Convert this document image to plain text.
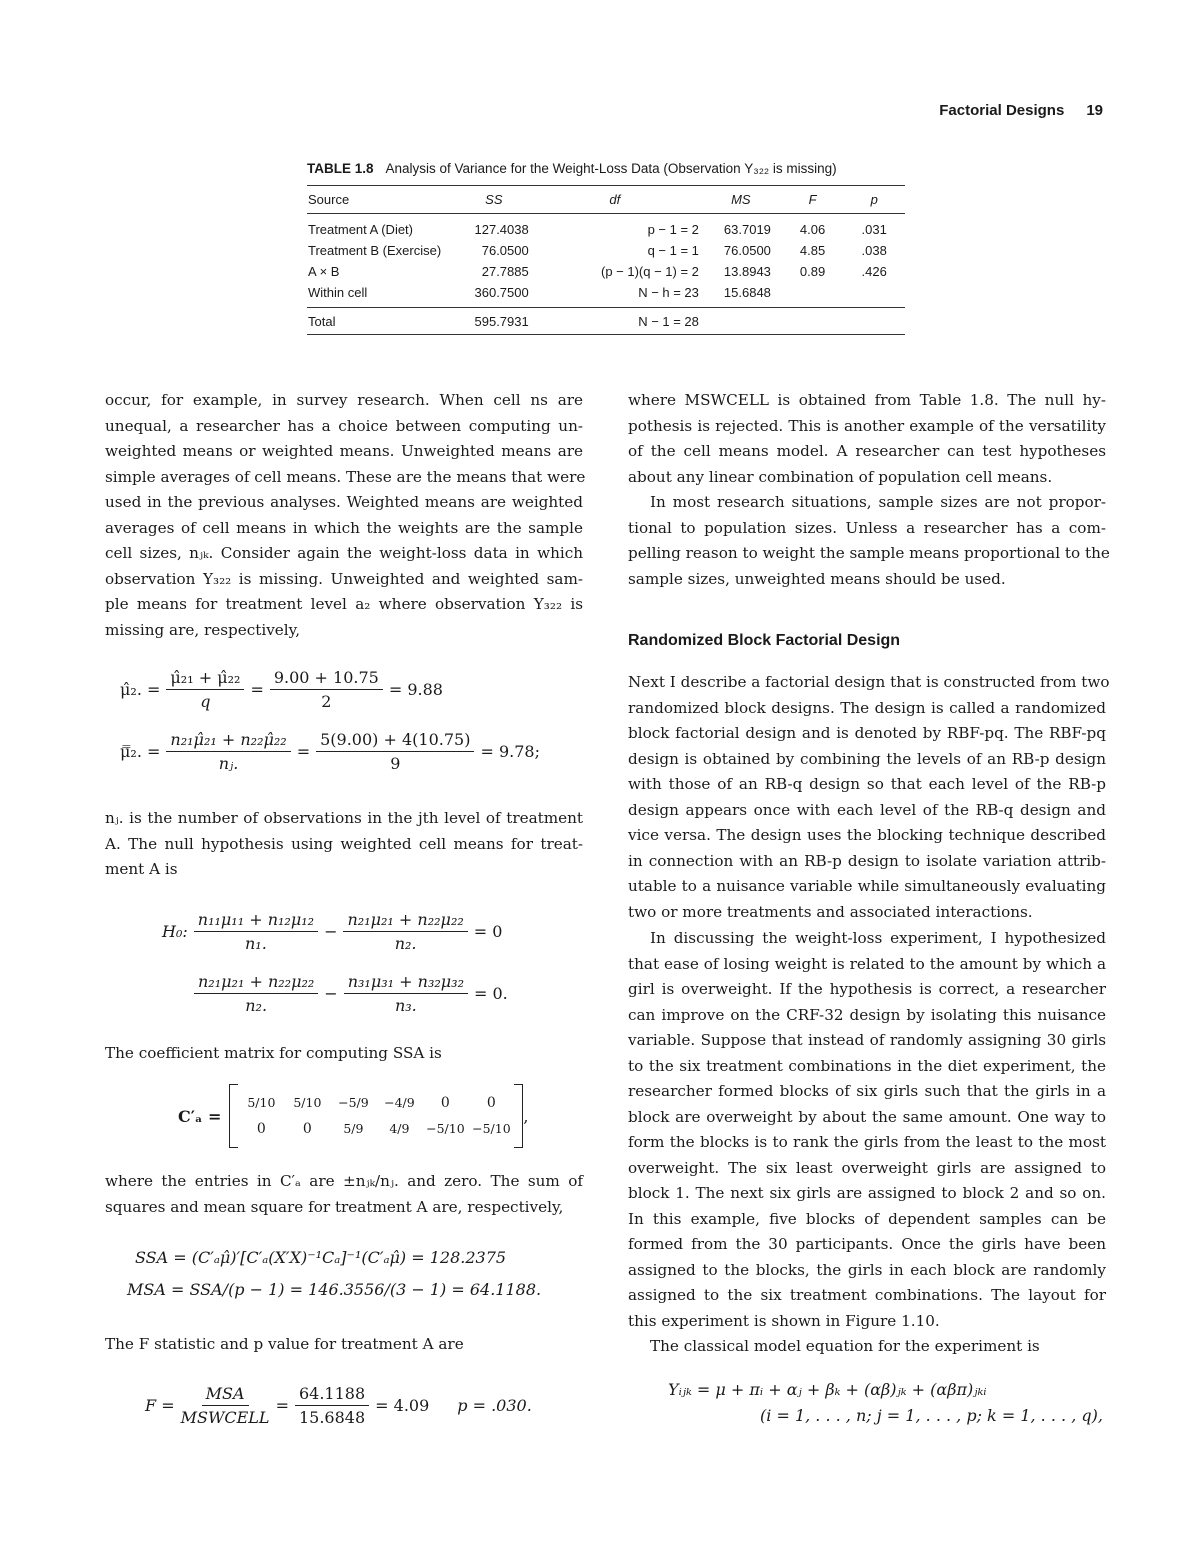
Factorial Designs 19
TABLE 1.8 Analysis of Variance for the Weight-Loss Data (Observation Y₃₂₂ is missing)
Source	SS	df	MS	F	p
Treatment A (Diet)	127.4038	p − 1 = 2	63.7019	4.06	.031
Treatment B (Exercise)	76.0500	q − 1 = 1	76.0500	4.85	.038
A × B	27.7885	(p − 1)(q − 1) = 2	13.8943	0.89	.426
Within cell	360.7500	N − h = 23	15.6848		
Total	595.7931	N − 1 = 28			
occur, for example, in survey research. When cell ns are
unequal, a researcher has a choice between computing un-
weighted means or weighted means. Unweighted means are
simple averages of cell means. These are the means that were
used in the previous analyses. Weighted means are weighted
averages of cell means in which the weights are the sample
cell sizes, nⱼₖ. Consider again the weight-loss data in which
observation Y₃₂₂ is missing. Unweighted and weighted sam-
ple means for treatment level a₂ where observation Y₃₂₂ is
missing are, respectively,
μ̂₂. = $\frac{\text{μ̂₂₁ + μ̂₂₂}}{q} = \frac{9.00 + 10.75}{2} = 9.88$
μ̿₂. = $\frac{\text{n₂₁μ̂₂₁ + n₂₂μ̂₂₂}}{\text{nⱼ.}} = \frac{5(9.00) + 4(10.75)}{9} = 9.78$;
nⱼ. is the number of observations in the jth level of treatment
A. The null hypothesis using weighted cell means for treat-
ment A is
H₀: $\frac{\text{n₁₁μ₁₁ + n₁₂μ₁₂}}{\text{n₁.}} - \frac{\text{n₂₁μ₂₁ + n₂₂μ₂₂}}{\text{n₂.}} = 0$
$\frac{\text{n₂₁μ₂₁ + n₂₂μ₂₂}}{\text{n₂.}} - \frac{\text{n₃₁μ₃₁ + n₃₂μ₃₂}}{\text{n₃.}} = 0$.
The coefficient matrix for computing SSA is
C′ₐ =
5/10	5/10	−5/9	−4/9	0	0
0	0	5/9	4/9	−5/10 −5/10
,
where the entries in C′ₐ are ±nⱼₖ/nⱼ. and zero. The sum of
squares and mean square for treatment A are, respectively,
SSA = (C′ₐμ̂)′[C′ₐ(X′X)⁻¹Cₐ]⁻¹(C′ₐμ̂) = 128.2375
MSA = SSA/(p − 1) = 146.3556/(3 − 1) = 64.1188.
The F statistic and p value for treatment A are
$F = \frac{\text{MSA}}{\text{MSWCELL}} = \frac{64.1188}{15.6848} = 4.09$ p = .030.
where MSWCELL is obtained from Table 1.8. The null hy-
pothesis is rejected. This is another example of the versatility
of the cell means model. A researcher can test hypotheses
about any linear combination of population cell means.
In most research situations, sample sizes are not propor-
tional to population sizes. Unless a researcher has a com-
pelling reason to weight the sample means proportional to the
sample sizes, unweighted means should be used.
Randomized Block Factorial Design
Next I describe a factorial design that is constructed from two
randomized block designs. The design is called a randomized
block factorial design and is denoted by RBF-pq. The RBF-pq
design is obtained by combining the levels of an RB-p design
with those of an RB-q design so that each level of the RB-p
design appears once with each level of the RB-q design and
vice versa. The design uses the blocking technique described
in connection with an RB-p design to isolate variation attrib-
utable to a nuisance variable while simultaneously evaluating
two or more treatments and associated interactions.
In discussing the weight-loss experiment, I hypothesized
that ease of losing weight is related to the amount by which a
girl is overweight. If the hypothesis is correct, a researcher
can improve on the CRF-32 design by isolating this nuisance
variable. Suppose that instead of randomly assigning 30 girls
to the six treatment combinations in the diet experiment, the
researcher formed blocks of six girls such that the girls in a
block are overweight by about the same amount. One way to
form the blocks is to rank the girls from the least to the most
overweight. The six least overweight girls are assigned to
block 1. The next six girls are assigned to block 2 and so on.
In this example, five blocks of dependent samples can be
formed from the 30 participants. Once the girls have been
assigned to the blocks, the girls in each block are randomly
assigned to the six treatment combinations. The layout for
this experiment is shown in Figure 1.10.
The classical model equation for the experiment is
Yᵢⱼₖ = μ + πᵢ + αⱼ + βₖ + (αβ)ⱼₖ + (αβπ)ⱼₖᵢ
(i = 1, . . . , n; j = 1, . . . , p; k = 1, . . . , q),
